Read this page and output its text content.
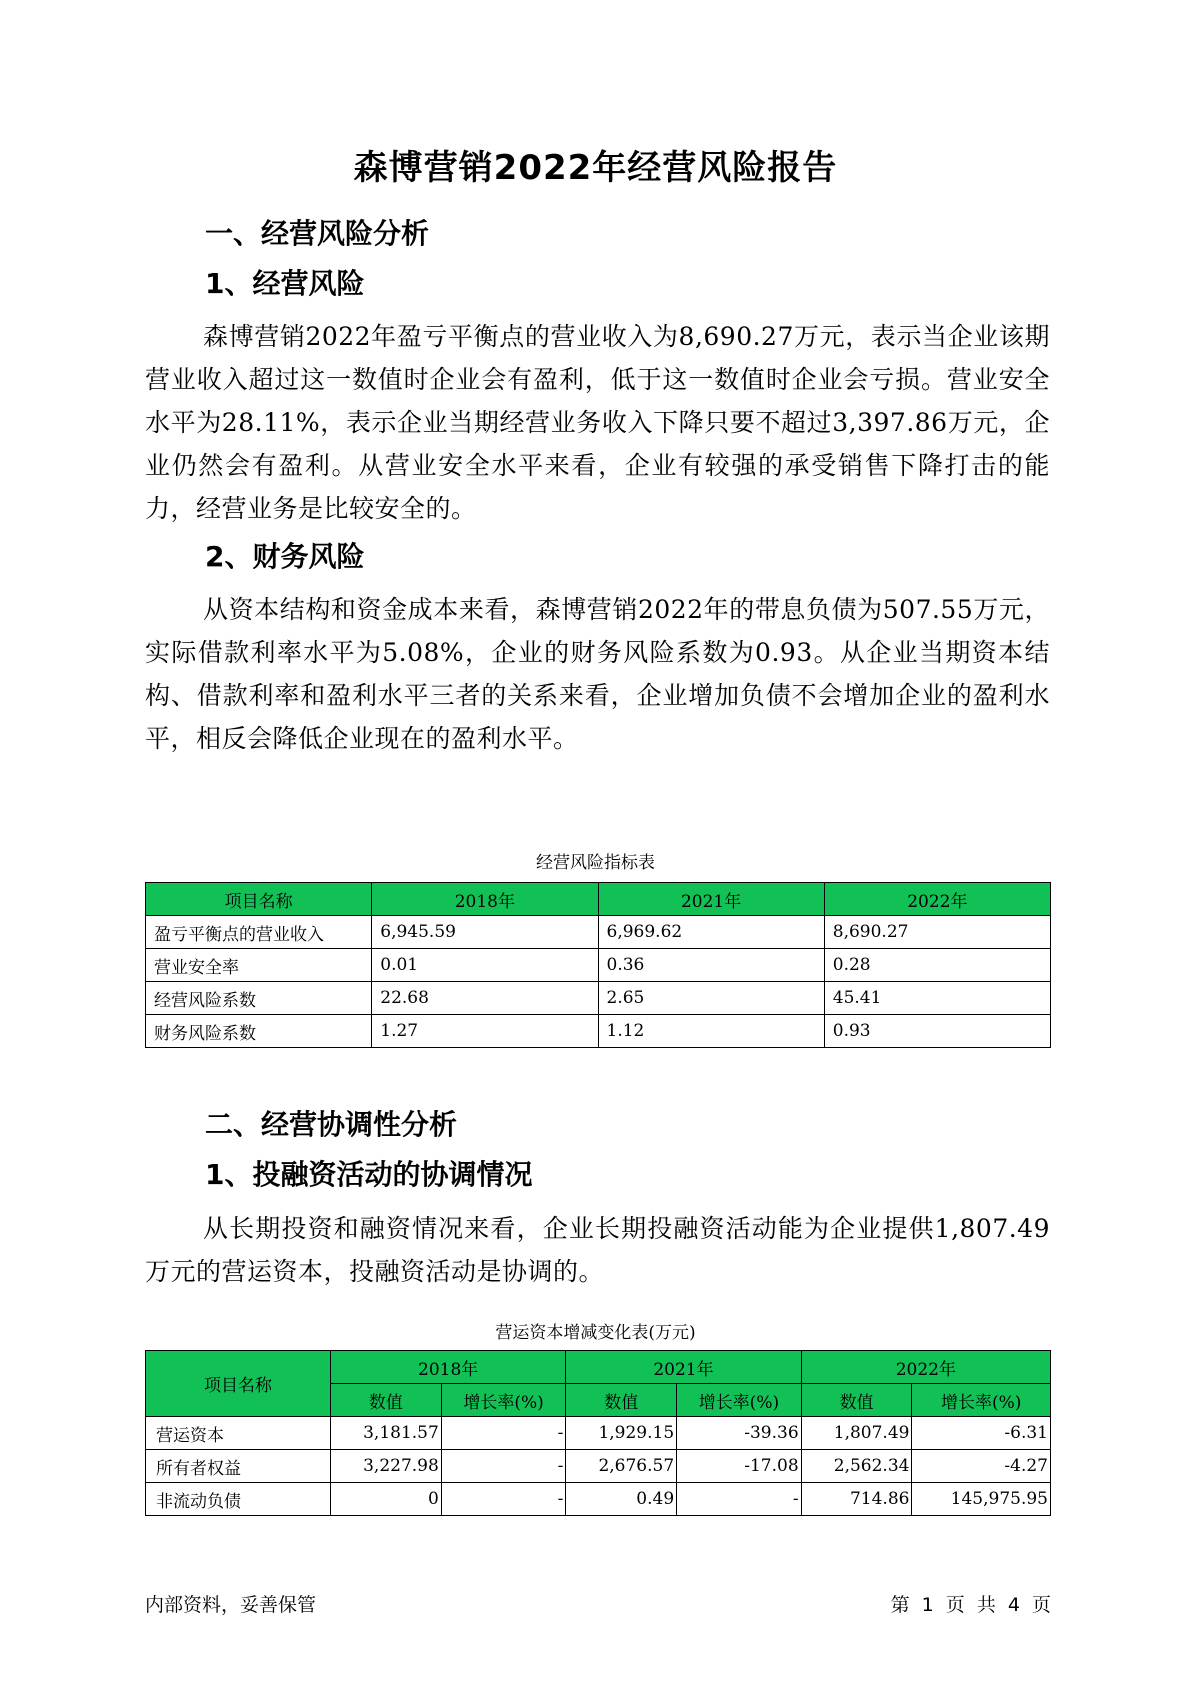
森博营销2022年经营风险报告
一、经营风险分析
1、经营风险
森博营销2022年盈亏平衡点的营业收入为8,690.27万元，表示当企业该期营业收入超过这一数值时企业会有盈利，低于这一数值时企业会亏损。营业安全水平为28.11%，表示企业当期经营业务收入下降只要不超过3,397.86万元，企业仍然会有盈利。从营业安全水平来看，企业有较强的承受销售下降打击的能力，经营业务是比较安全的。
2、财务风险
从资本结构和资金成本来看，森博营销2022年的带息负债为507.55万元，实际借款利率水平为5.08%，企业的财务风险系数为0.93。从企业当期资本结构、借款利率和盈利水平三者的关系来看，企业增加负债不会增加企业的盈利水平，相反会降低企业现在的盈利水平。
经营风险指标表
项目名称	2018年	2021年	2022年
盈亏平衡点的营业收入	6,945.59	6,969.62	8,690.27
营业安全率	0.01	0.36	0.28
经营风险系数	22.68	2.65	45.41
财务风险系数	1.27	1.12	0.93
二、经营协调性分析
1、投融资活动的协调情况
从长期投资和融资情况来看，企业长期投融资活动能为企业提供1,807.49万元的营运资本，投融资活动是协调的。
营运资本增减变化表(万元)
项目名称	2018年		2021年		2022年	
	数值	增长率(%)	数值	增长率(%)	数值	增长率(%)
营运资本	3,181.57	-	1,929.15	-39.36	1,807.49	-6.31
所有者权益	3,227.98	-	2,676.57	-17.08	2,562.34	-4.27
非流动负债	0	-	0.49	-	714.86	145,975.95
内部资料，妥善保管	第 1 页 共 4 页
